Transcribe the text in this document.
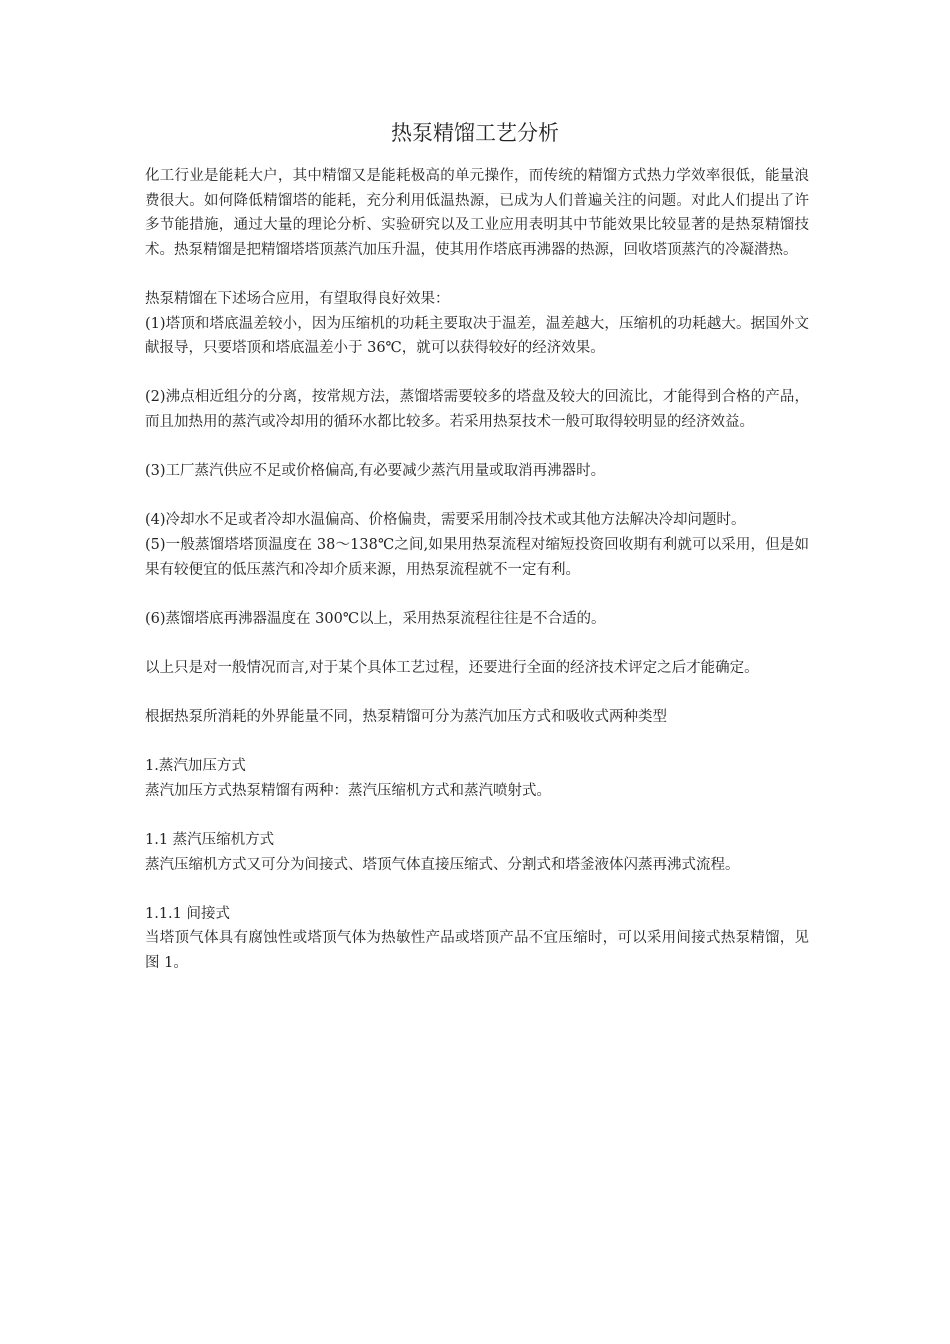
热泵精馏工艺分析

化工行业是能耗大户，其中精馏又是能耗极高的单元操作，而传统的精馏方式热力学效率很低，能量浪费很大。如何降低精馏塔的能耗，充分利用低温热源，已成为人们普遍关注的问题。对此人们提出了许多节能措施，通过大量的理论分析、实验研究以及工业应用表明其中节能效果比较显著的是热泵精馏技术。热泵精馏是把精馏塔塔顶蒸汽加压升温，使其用作塔底再沸器的热源，回收塔顶蒸汽的冷凝潜热。

热泵精馏在下述场合应用，有望取得良好效果：

(1)塔顶和塔底温差较小，因为压缩机的功耗主要取决于温差，温差越大，压缩机的功耗越大。据国外文献报导，只要塔顶和塔底温差小于 36℃，就可以获得较好的经济效果。

(2)沸点相近组分的分离，按常规方法，蒸馏塔需要较多的塔盘及较大的回流比，才能得到合格的产品，而且加热用的蒸汽或冷却用的循环水都比较多。若采用热泵技术一般可取得较明显的经济效益。

(3)工厂蒸汽供应不足或价格偏高,有必要减少蒸汽用量或取消再沸器时。

(4)冷却水不足或者冷却水温偏高、价格偏贵，需要采用制冷技术或其他方法解决冷却问题时。

(5)一般蒸馏塔塔顶温度在 38～138℃之间,如果用热泵流程对缩短投资回收期有利就可以采用，但是如果有较便宜的低压蒸汽和冷却介质来源，用热泵流程就不一定有利。

(6)蒸馏塔底再沸器温度在 300℃以上，采用热泵流程往往是不合适的。

以上只是对一般情况而言,对于某个具体工艺过程，还要进行全面的经济技术评定之后才能确定。

根据热泵所消耗的外界能量不同，热泵精馏可分为蒸汽加压方式和吸收式两种类型

1.蒸汽加压方式

蒸汽加压方式热泵精馏有两种：蒸汽压缩机方式和蒸汽喷射式。

1.1 蒸汽压缩机方式

蒸汽压缩机方式又可分为间接式、塔顶气体直接压缩式、分割式和塔釜液体闪蒸再沸式流程。

1.1.1 间接式

当塔顶气体具有腐蚀性或塔顶气体为热敏性产品或塔顶产品不宜压缩时，可以采用间接式热泵精馏，见图 1。
